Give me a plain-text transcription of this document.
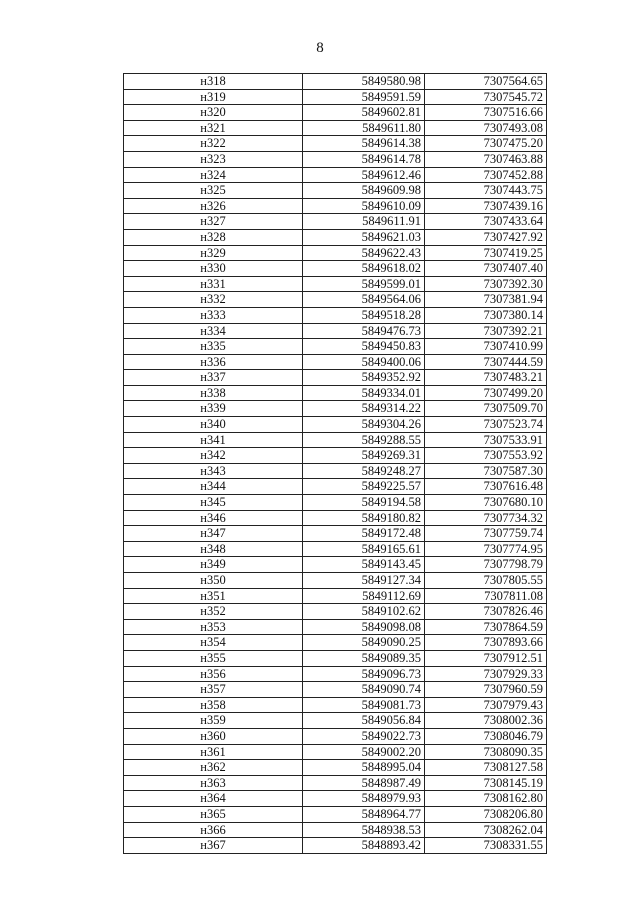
8
н318	5849580.98	7307564.65
н319	5849591.59	7307545.72
н320	5849602.81	7307516.66
н321	5849611.80	7307493.08
н322	5849614.38	7307475.20
н323	5849614.78	7307463.88
н324	5849612.46	7307452.88
н325	5849609.98	7307443.75
н326	5849610.09	7307439.16
н327	5849611.91	7307433.64
н328	5849621.03	7307427.92
н329	5849622.43	7307419.25
н330	5849618.02	7307407.40
н331	5849599.01	7307392.30
н332	5849564.06	7307381.94
н333	5849518.28	7307380.14
н334	5849476.73	7307392.21
н335	5849450.83	7307410.99
н336	5849400.06	7307444.59
н337	5849352.92	7307483.21
н338	5849334.01	7307499.20
н339	5849314.22	7307509.70
н340	5849304.26	7307523.74
н341	5849288.55	7307533.91
н342	5849269.31	7307553.92
н343	5849248.27	7307587.30
н344	5849225.57	7307616.48
н345	5849194.58	7307680.10
н346	5849180.82	7307734.32
н347	5849172.48	7307759.74
н348	5849165.61	7307774.95
н349	5849143.45	7307798.79
н350	5849127.34	7307805.55
н351	5849112.69	7307811.08
н352	5849102.62	7307826.46
н353	5849098.08	7307864.59
н354	5849090.25	7307893.66
н355	5849089.35	7307912.51
н356	5849096.73	7307929.33
н357	5849090.74	7307960.59
н358	5849081.73	7307979.43
н359	5849056.84	7308002.36
н360	5849022.73	7308046.79
н361	5849002.20	7308090.35
н362	5848995.04	7308127.58
н363	5848987.49	7308145.19
н364	5848979.93	7308162.80
н365	5848964.77	7308206.80
н366	5848938.53	7308262.04
н367	5848893.42	7308331.55
